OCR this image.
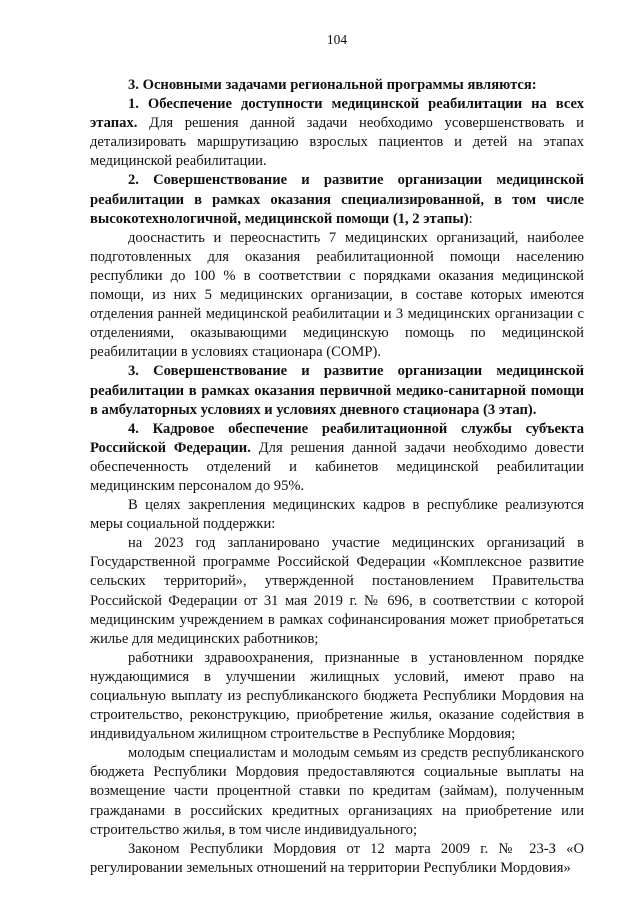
104

3. Основными задачами региональной программы являются:

1. Обеспечение доступности медицинской реабилитации на всех этапах. Для решения данной задачи необходимо усовершенствовать и детализировать маршрутизацию взрослых пациентов и детей на этапах медицинской реабилитации.

2. Совершенствование и развитие организации медицинской реабилитации в рамках оказания специализированной, в том числе высокотехнологичной, медицинской помощи (1, 2 этапы):

дооснастить и переоснастить 7 медицинских организаций, наиболее подготовленных для оказания реабилитационной помощи населению республики до 100 % в соответствии с порядками оказания медицинской помощи, из них 5 медицинских организации, в составе которых имеются отделения ранней медицинской реабилитации и 3 медицинских организации с отделениями, оказывающими медицинскую помощь по медицинской реабилитации в условиях стационара (СОМР).

3. Совершенствование и развитие организации медицинской реабилитации в рамках оказания первичной медико-санитарной помощи в амбулаторных условиях и условиях дневного стационара (3 этап).

4. Кадровое обеспечение реабилитационной службы субъекта Российской Федерации. Для решения данной задачи необходимо довести обеспеченность отделений и кабинетов медицинской реабилитации медицинским персоналом до 95%.

В целях закрепления медицинских кадров в республике реализуются меры социальной поддержки:

на 2023 год запланировано участие медицинских организаций в Государственной программе Российской Федерации «Комплексное развитие сельских территорий», утвержденной постановлением Правительства Российской Федерации от 31 мая 2019 г. № 696, в соответствии с которой медицинским учреждением в рамках софинансирования может приобретаться жилье для медицинских работников;

работники здравоохранения, признанные в установленном порядке нуждающимися в улучшении жилищных условий, имеют право на социальную выплату из республиканского бюджета Республики Мордовия на строительство, реконструкцию, приобретение жилья, оказание содействия в индивидуальном жилищном строительстве в Республике Мордовия;

молодым специалистам и молодым семьям из средств республиканского бюджета Республики Мордовия предоставляются социальные выплаты на возмещение части процентной ставки по кредитам (займам), полученным гражданами в российских кредитных организациях на приобретение или строительство жилья, в том числе индивидуального;

Законом Республики Мордовия от 12 марта 2009 г. № 23-З «О регулировании земельных отношений на территории Республики Мордовия»
